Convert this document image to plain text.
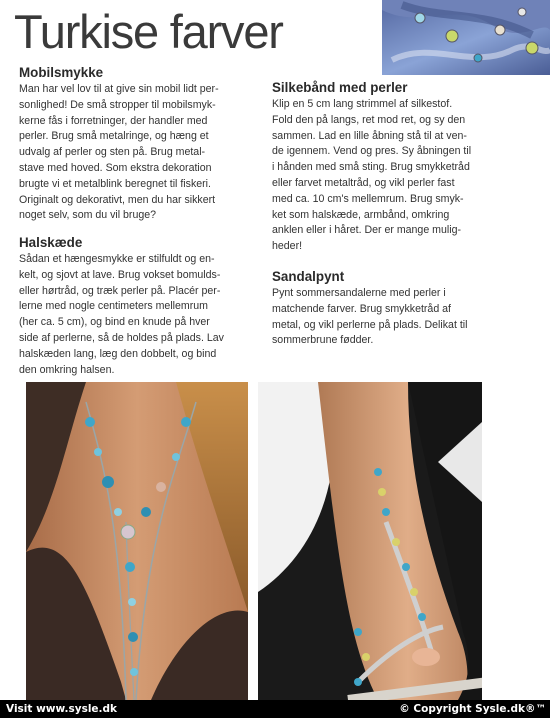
Turkise farver
Mobilsmykke

Man har vel lov til at give sin mobil lidt per-
sonlighed! De små stropper til mobilsmyk-
kerne fås i forretninger, der handler med
perler. Brug små metalringe, og hæng et
udvalg af perler og sten på. Brug metal-
stave med hoved. Som ekstra dekoration
brugte vi et metalblink beregnet til fiskeri.
Originalt og dekorativt, men du har sikkert
noget selv, som du vil bruge?

Halskæde

Sådan et hængesmykke er stilfuldt og en-
kelt, og sjovt at lave. Brug vokset bomulds-
eller hørtråd, og træk perler på. Placér per-
lerne med nogle centimeters mellemrum
(her ca. 5 cm), og bind en knude på hver
side af perlerne, så de holdes på plads. Lav
halskæden lang, læg den dobbelt, og bind
den omkring halsen.

Silkebånd med perler

Klip en 5 cm lang strimmel af silkestof.
Fold den på langs, ret mod ret, og sy den
sammen. Lad en lille åbning stå til at ven-
de igennem. Vend og pres. Sy åbningen til
i hånden med små sting. Brug smykketråd
eller farvet metaltråd, og vikl perler fast
med ca. 10 cm's mellemrum. Brug smyk-
ket som halskæde, armbånd, omkring
anklen eller i håret. Der er mange mulig-
heder!

Sandalpynt

Pynt sommersandalerne med perler i
matchende farver. Brug smykketråd af
metal, og vikl perlerne på plads. Delikat til
sommerbrune fødder.

Visit www.sysle.dk	© Copyright Sysle.dk®™
